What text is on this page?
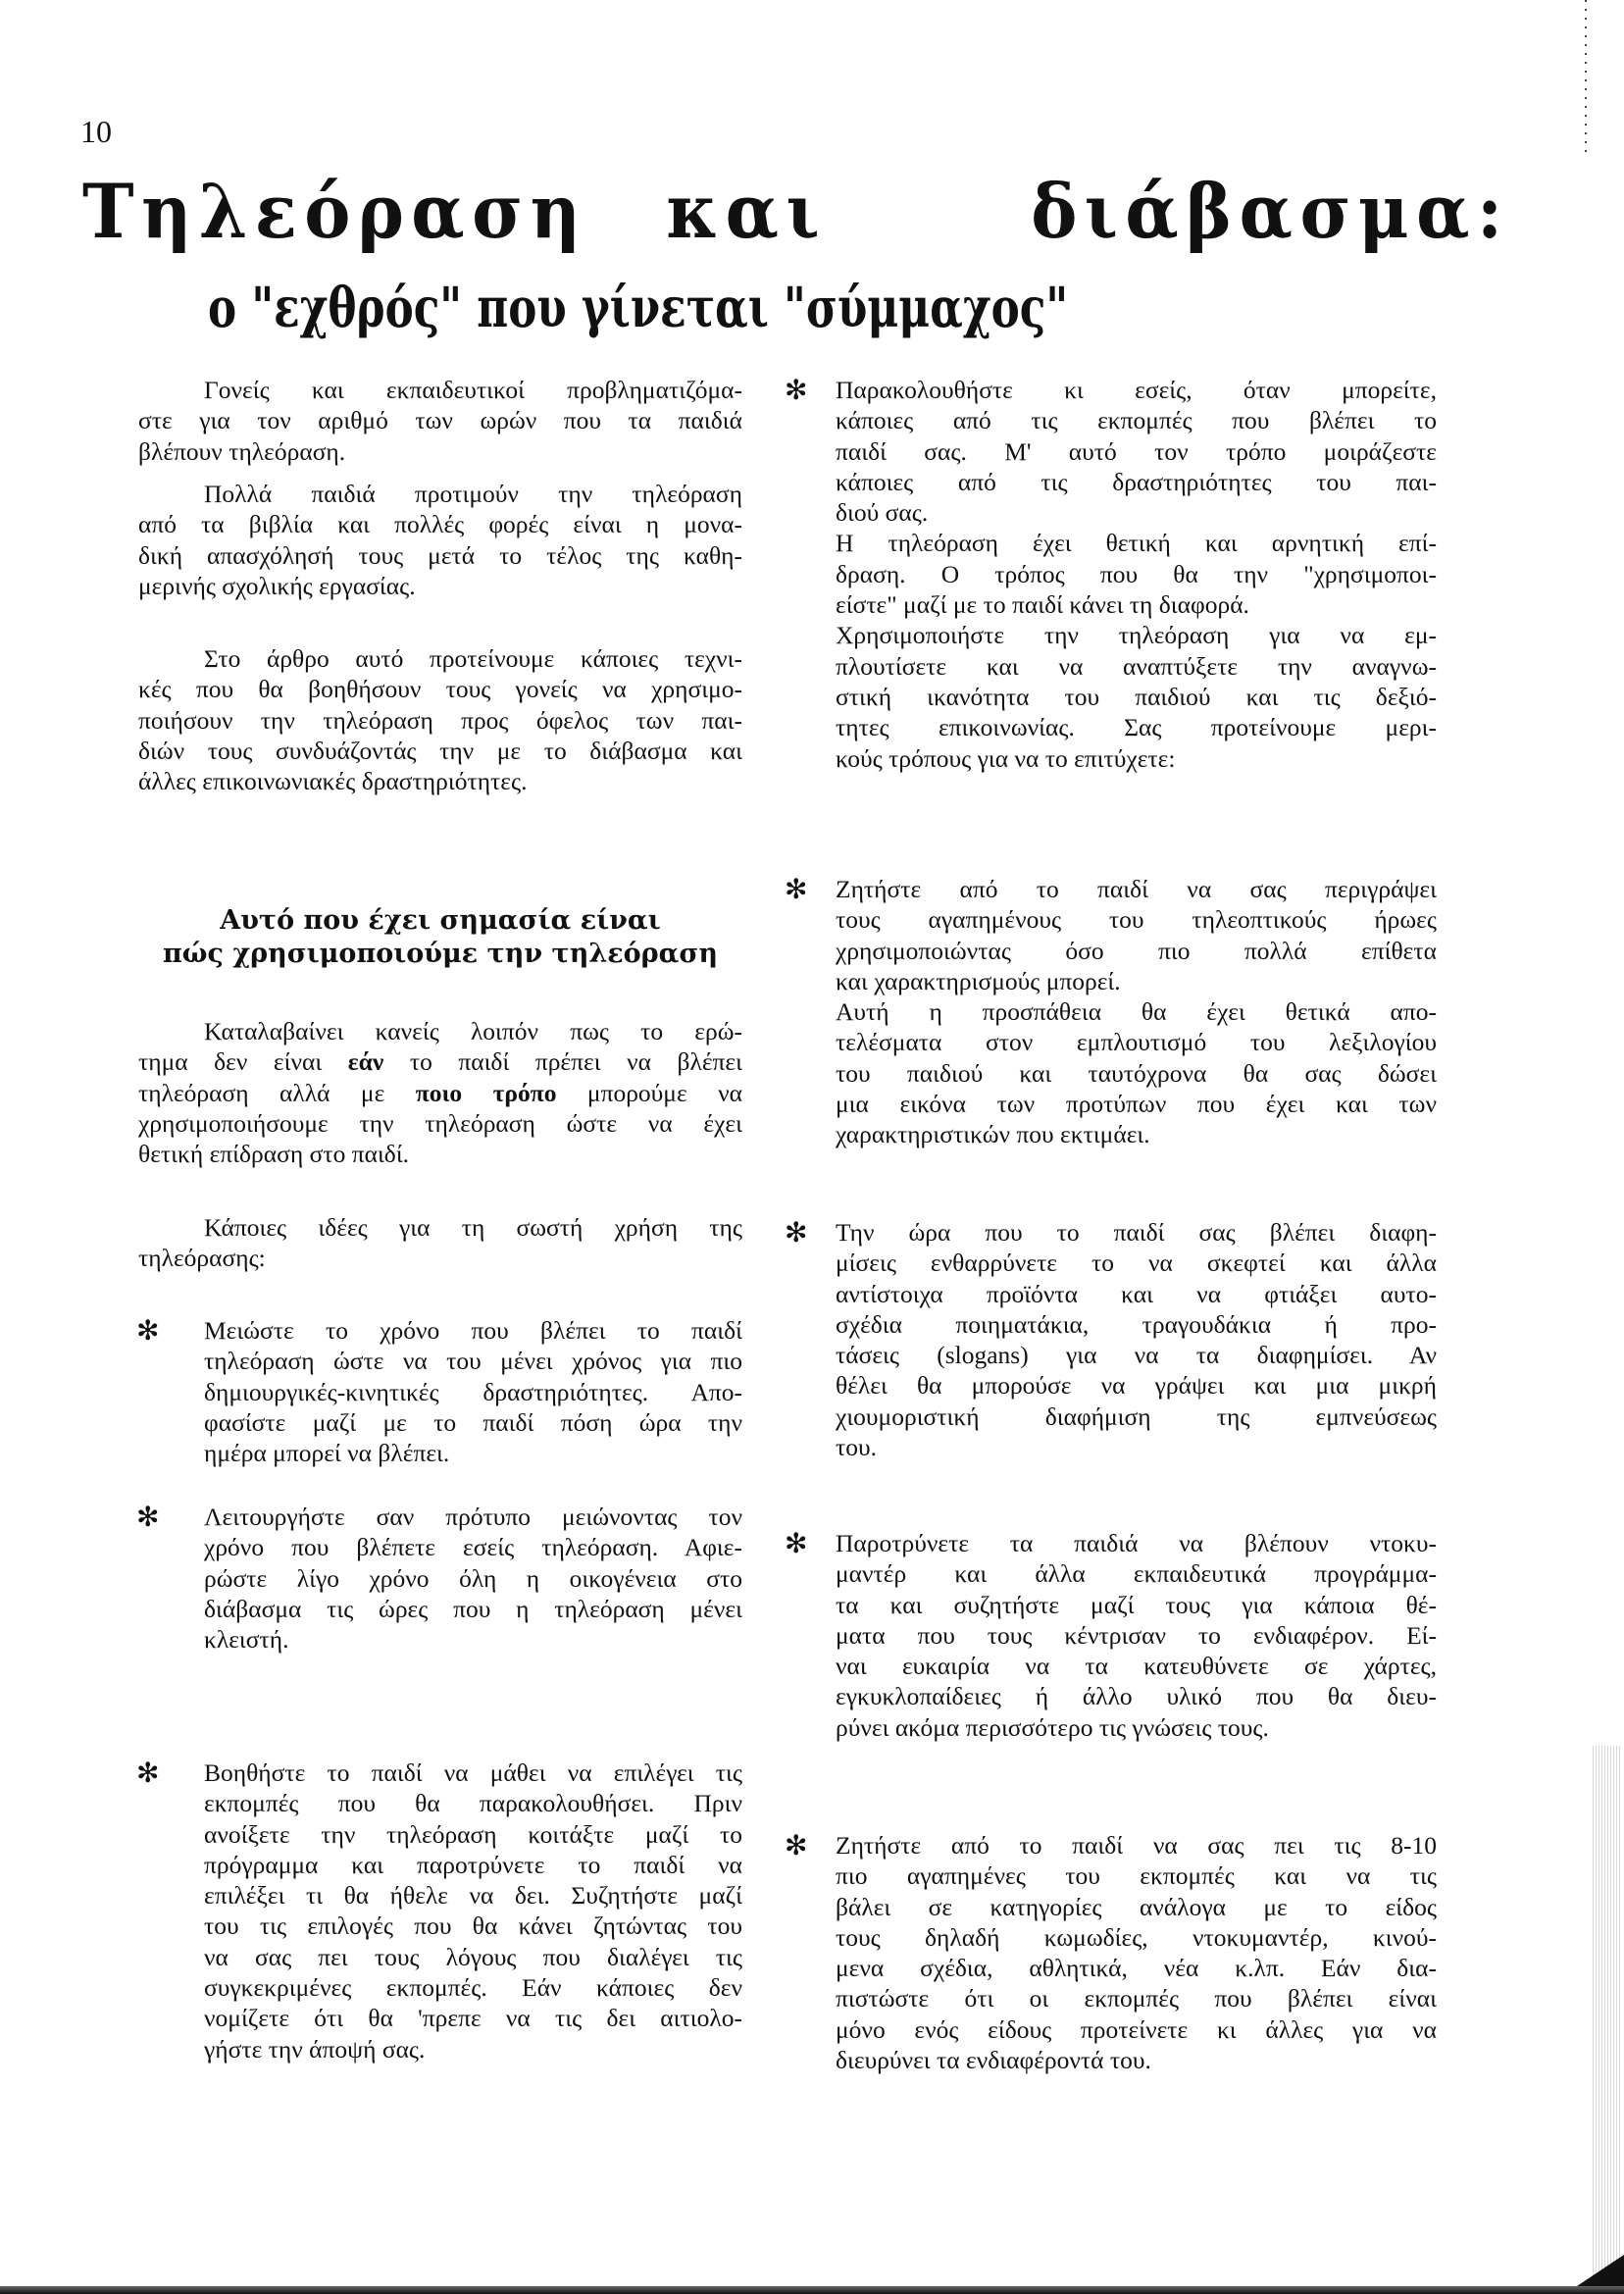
10
Τηλεόραση και	διάβασμα:
ο "εχθρός" που γίνεται "σύμμαχος"
Γονείς και εκπαιδευτικοί προβληματιζόμα-
στε για τον αριθμό των ωρών που τα παιδιά
βλέπουν τηλεόραση.
Πολλά παιδιά προτιμούν την τηλεόραση
από τα βιβλία και πολλές φορές είναι η μονα-
δική απασχόλησή τους μετά το τέλος της καθη-
μερινής σχολικής εργασίας.
Στο άρθρο αυτό προτείνουμε κάποιες τεχνι-
κές που θα βοηθήσουν τους γονείς να χρησιμο-
ποιήσουν την τηλεόραση προς όφελος των παι-
διών τους συνδυάζοντάς την με το διάβασμα και
άλλες επικοινωνιακές δραστηριότητες.
Αυτό που έχει σημασία είναι
πώς χρησιμοποιούμε την τηλεόραση
Καταλαβαίνει κανείς λοιπόν πως το ερώ-
τημα δεν είναι εάν το παιδί πρέπει να βλέπει
τηλεόραση αλλά με ποιο τρόπο μπορούμε να
χρησιμοποιήσουμε την τηλεόραση ώστε να έχει
θετική επίδραση στο παιδί.
Κάποιες ιδέες για τη σωστή χρήση της
τηλεόρασης:
✻ Μειώστε το χρόνο που βλέπει το παιδί
τηλεόραση ώστε να του μένει χρόνος για πιο
δημιουργικές-κινητικές δραστηριότητες. Απο-
φασίστε μαζί με το παιδί πόση ώρα την
ημέρα μπορεί να βλέπει.
✻ Λειτουργήστε σαν πρότυπο μειώνοντας τον
χρόνο που βλέπετε εσείς τηλεόραση. Αφιε-
ρώστε λίγο χρόνο όλη η οικογένεια στο
διάβασμα τις ώρες που η τηλεόραση μένει
κλειστή.
✻ Βοηθήστε το παιδί να μάθει να επιλέγει τις
εκπομπές που θα παρακολουθήσει. Πριν
ανοίξετε την τηλεόραση κοιτάξτε μαζί το
πρόγραμμα και παροτρύνετε το παιδί να
επιλέξει τι θα ήθελε να δει. Συζητήστε μαζί
του τις επιλογές που θα κάνει ζητώντας του
να σας πει τους λόγους που διαλέγει τις
συγκεκριμένες εκπομπές. Εάν κάποιες δεν
νομίζετε ότι θα 'πρεπε να τις δει αιτιολο-
γήστε την άποψή σας.
✻ Παρακολουθήστε κι εσείς, όταν μπορείτε,
κάποιες από τις εκπομπές που βλέπει το
παιδί σας. Μ' αυτό τον τρόπο μοιράζεστε
κάποιες από τις δραστηριότητες του παι-
διού σας.
Η τηλεόραση έχει θετική και αρνητική επί-
δραση. Ο τρόπος που θα την "χρησιμοποι-
είστε" μαζί με το παιδί κάνει τη διαφορά.
Χρησιμοποιήστε την τηλεόραση για να εμ-
πλουτίσετε και να αναπτύξετε την αναγνω-
στική ικανότητα του παιδιού και τις δεξιό-
τητες επικοινωνίας. Σας προτείνουμε μερι-
κούς τρόπους για να το επιτύχετε:
✻ Ζητήστε από το παιδί να σας περιγράψει
τους αγαπημένους του τηλεοπτικούς ήρωες
χρησιμοποιώντας όσο πιο πολλά επίθετα
και χαρακτηρισμούς μπορεί.
Αυτή η προσπάθεια θα έχει θετικά απο-
τελέσματα στον εμπλουτισμό του λεξιλογίου
του παιδιού και ταυτόχρονα θα σας δώσει
μια εικόνα των προτύπων που έχει και των
χαρακτηριστικών που εκτιμάει.
✻ Την ώρα που το παιδί σας βλέπει διαφη-
μίσεις ενθαρρύνετε το να σκεφτεί και άλλα
αντίστοιχα προϊόντα και να φτιάξει αυτο-
σχέδια ποιηματάκια, τραγουδάκια ή προ-
τάσεις (slogans) για να τα διαφημίσει. Αν
θέλει θα μπορούσε να γράψει και μια μικρή
χιουμοριστική διαφήμιση της εμπνεύσεως
του.
✻ Παροτρύνετε τα παιδιά να βλέπουν ντοκυ-
μαντέρ και άλλα εκπαιδευτικά προγράμμα-
τα και συζητήστε μαζί τους για κάποια θέ-
ματα που τους κέντρισαν το ενδιαφέρον. Εί-
ναι ευκαιρία να τα κατευθύνετε σε χάρτες,
εγκυκλοπαίδειες ή άλλο υλικό που θα διευ-
ρύνει ακόμα περισσότερο τις γνώσεις τους.
✻ Ζητήστε από το παιδί να σας πει τις 8-10
πιο αγαπημένες του εκπομπές και να τις
βάλει σε κατηγορίες ανάλογα με το είδος
τους δηλαδή κωμωδίες, ντοκυμαντέρ, κινού-
μενα σχέδια, αθλητικά, νέα κ.λπ. Εάν δια-
πιστώστε ότι οι εκπομπές που βλέπει είναι
μόνο ενός είδους προτείνετε κι άλλες για να
διευρύνει τα ενδιαφέροντά του.
